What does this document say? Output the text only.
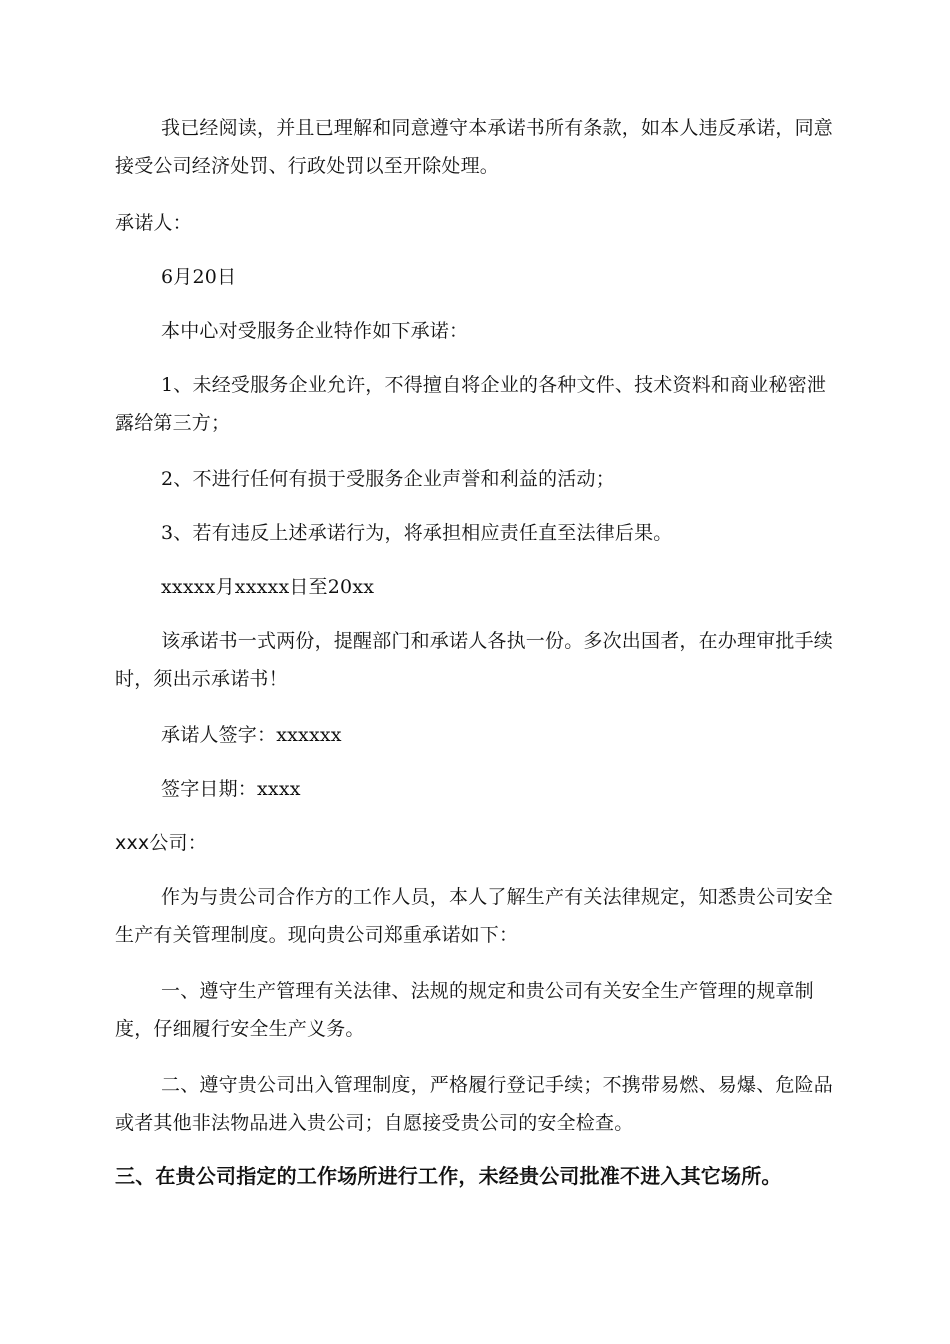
我已经阅读，并且已理解和同意遵守本承诺书所有条款，如本人违反承诺，同意接受公司经济处罚、行政处罚以至开除处理。

承诺人：

6月20日

本中心对受服务企业特作如下承诺：

1、未经受服务企业允许，不得擅自将企业的各种文件、技术资料和商业秘密泄露给第三方；

2、不进行任何有损于受服务企业声誉和利益的活动；

3、若有违反上述承诺行为，将承担相应责任直至法律后果。

xxxxx月xxxxx日至20xx

该承诺书一式两份，提醒部门和承诺人各执一份。多次出国者，在办理审批手续时，须出示承诺书！

承诺人签字：xxxxxx

签字日期：xxxx

xxx公司：

作为与贵公司合作方的工作人员，本人了解生产有关法律规定，知悉贵公司安全生产有关管理制度。现向贵公司郑重承诺如下：

一、遵守生产管理有关法律、法规的规定和贵公司有关安全生产管理的规章制度，仔细履行安全生产义务。

二、遵守贵公司出入管理制度，严格履行登记手续；不携带易燃、易爆、危险品或者其他非法物品进入贵公司；自愿接受贵公司的安全检查。

三、在贵公司指定的工作场所进行工作，未经贵公司批准不进入其它场所。
